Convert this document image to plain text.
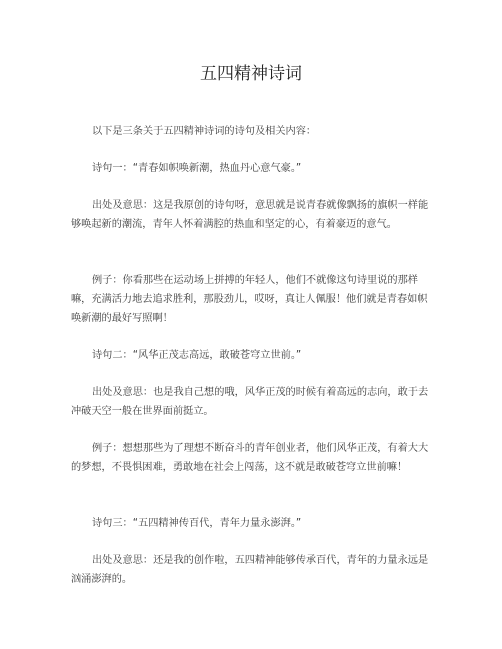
五四精神诗词

以下是三条关于五四精神诗词的诗句及相关内容：

诗句一：“青春如帜唤新潮，热血丹心意气豪。”

出处及意思：这是我原创的诗句呀，意思就是说青春就像飘扬的旗帜一样能够唤起新的潮流，青年人怀着满腔的热血和坚定的心，有着豪迈的意气。

例子：你看那些在运动场上拼搏的年轻人，他们不就像这句诗里说的那样嘛，充满活力地去追求胜利，那股劲儿，哎呀，真让人佩服！他们就是青春如帜唤新潮的最好写照啊！

诗句二：“风华正茂志高远，敢破苍穹立世前。”

出处及意思：也是我自己想的哦，风华正茂的时候有着高远的志向，敢于去冲破天空一般在世界面前挺立。

例子：想想那些为了理想不断奋斗的青年创业者，他们风华正茂，有着大大的梦想，不畏惧困难，勇敢地在社会上闯荡，这不就是敢破苍穹立世前嘛！

诗句三：“五四精神传百代，青年力量永澎湃。”

出处及意思：还是我的创作啦，五四精神能够传承百代，青年的力量永远是汹涌澎湃的。
